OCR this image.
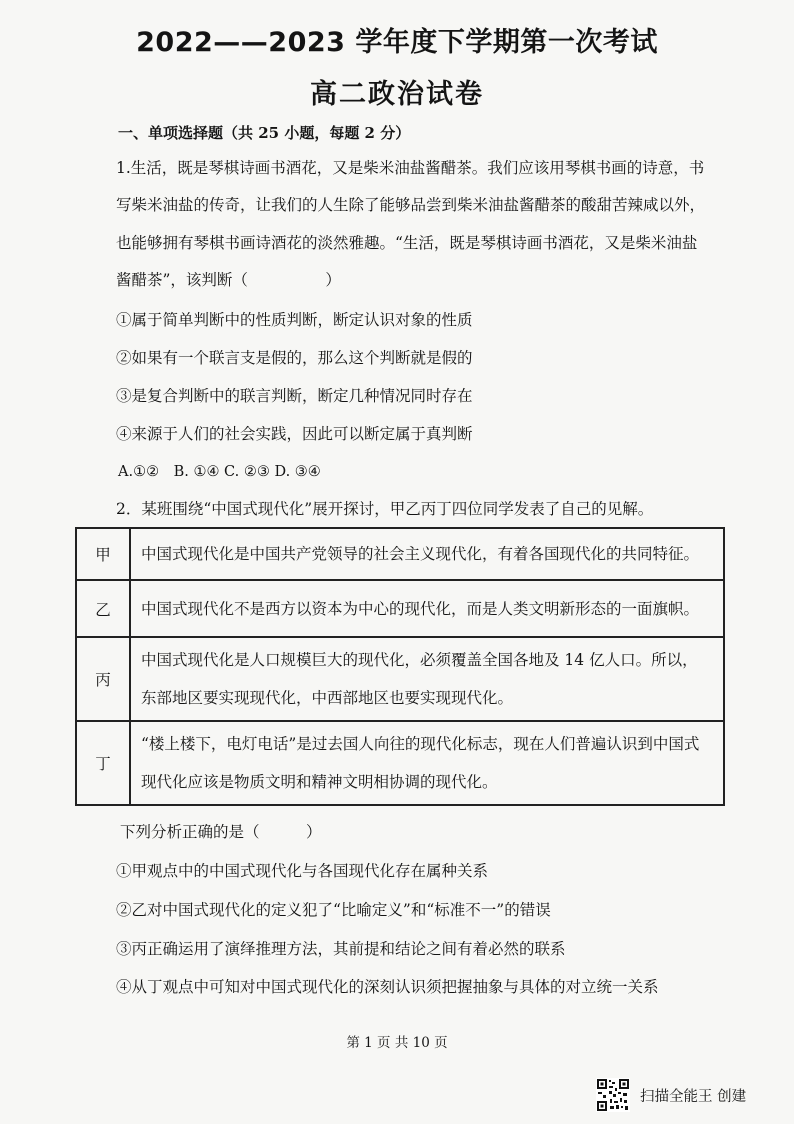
2022——2023 学年度下学期第一次考试
高二政治试卷
一、单项选择题（共 25 小题，每题 2 分）
1.生活，既是琴棋诗画书酒花，又是柴米油盐酱醋茶。我们应该用琴棋书画的诗意，书
写柴米油盐的传奇，让我们的人生除了能够品尝到柴米油盐酱醋茶的酸甜苦辣咸以外，
也能够拥有琴棋书画诗酒花的淡然雅趣。“生活，既是琴棋诗画书酒花，又是柴米油盐
酱醋茶”，该判断（　　　　　）
①属于简单判断中的性质判断，断定认识对象的性质
②如果有一个联言支是假的，那么这个判断就是假的
③是复合判断中的联言判断，断定几种情况同时存在
④来源于人们的社会实践，因此可以断定属于真判断
A.①②　B. ①④ C. ②③ D. ③④
2．某班围绕“中国式现代化”展开探讨，甲乙丙丁四位同学发表了自己的见解。
甲	中国式现代化是中国共产党领导的社会主义现代化，有着各国现代化的共同特征。
乙	中国式现代化不是西方以资本为中心的现代化，而是人类文明新形态的一面旗帜。
丙	中国式现代化是人口规模巨大的现代化，必须覆盖全国各地及 14 亿人口。所以，东部地区要实现现代化，中西部地区也要实现现代化。
丁	“楼上楼下，电灯电话”是过去国人向往的现代化标志，现在人们普遍认识到中国式现代化应该是物质文明和精神文明相协调的现代化。
下列分析正确的是（　　　）
①甲观点中的中国式现代化与各国现代化存在属种关系
②乙对中国式现代化的定义犯了“比喻定义”和“标准不一”的错误
③丙正确运用了演绎推理方法，其前提和结论之间有着必然的联系
④从丁观点中可知对中国式现代化的深刻认识须把握抽象与具体的对立统一关系
第 1 页 共 10 页
扫描全能王 创建
